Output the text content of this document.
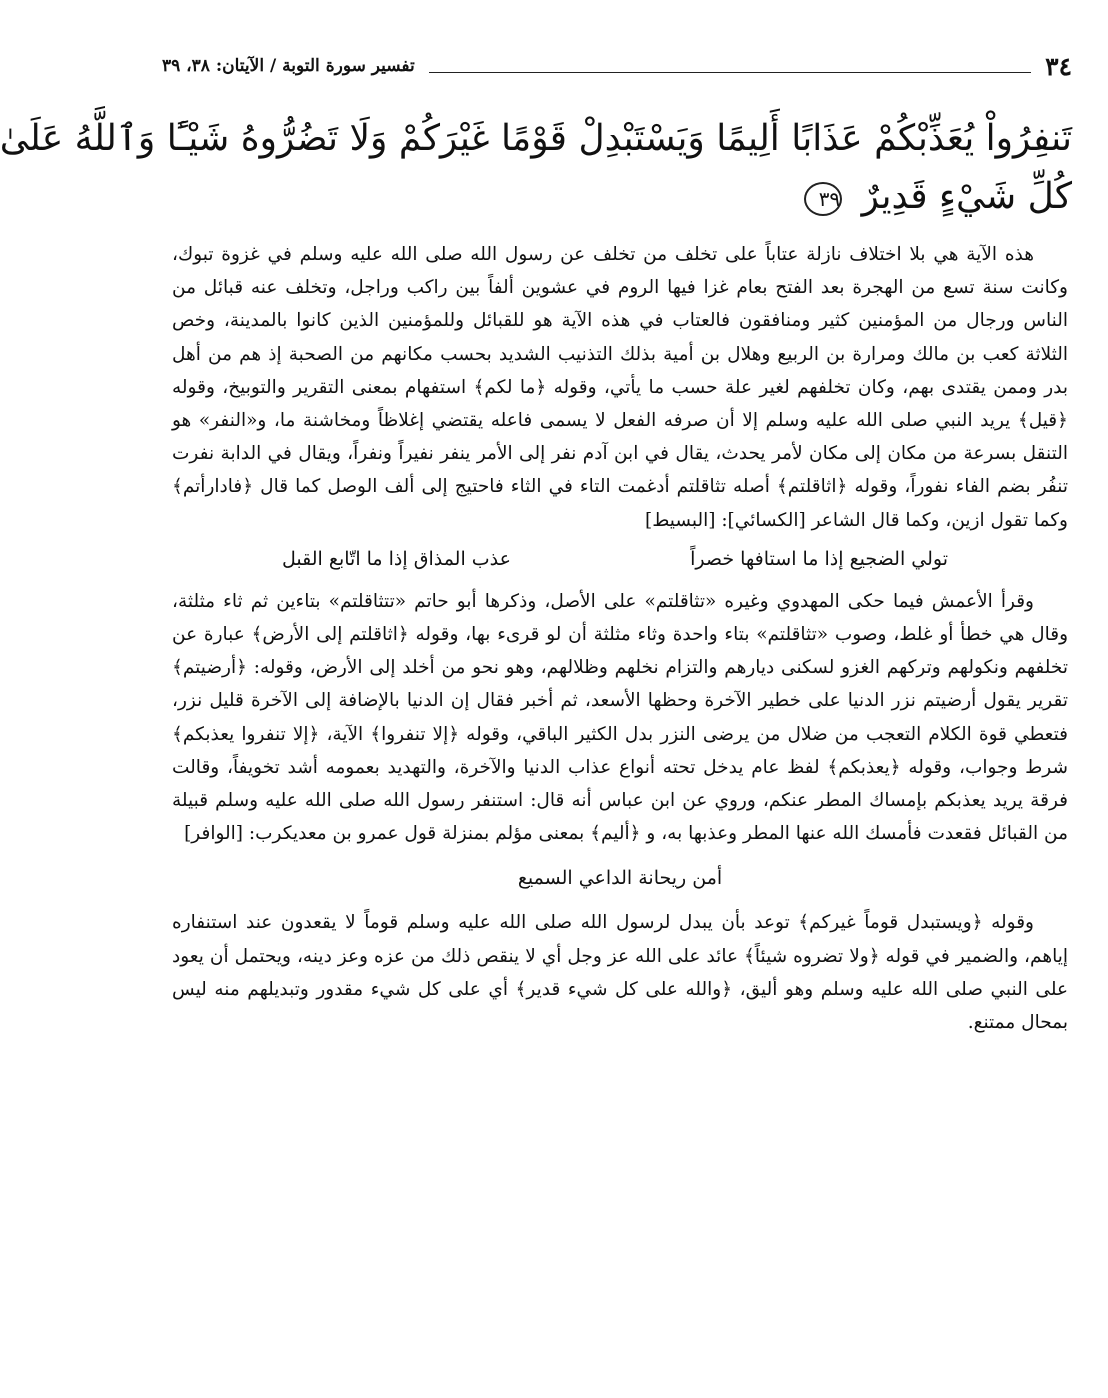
٣٤
تفسير سورة التوبة / الآيتان: ٣٨، ٣٩
تَنفِرُواْ يُعَذِّبْكُمْ عَذَابًا أَلِيمًا وَيَسْتَبْدِلْ قَوْمًا غَيْرَكُمْ وَلَا تَضُرُّوهُ شَيْـًٔا وَٱللَّهُ عَلَىٰ
كُلِّ شَيْءٍ قَدِيرٌ ٣٩

هذه الآية هي بلا اختلاف نازلة عتاباً على تخلف من تخلف عن رسول الله صلى الله عليه وسلم في غزوة تبوك، وكانت سنة تسع من الهجرة بعد الفتح بعام غزا فيها الروم في عشوين ألفاً بين راكب وراجل، وتخلف عنه قبائل من الناس ورجال من المؤمنين كثير ومنافقون فالعتاب في هذه الآية هو للقبائل وللمؤمنين الذين كانوا بالمدينة، وخص الثلاثة كعب بن مالك ومرارة بن الربيع وهلال بن أمية بذلك التذنيب الشديد بحسب مكانهم من الصحبة إذ هم من أهل بدر وممن يقتدى بهم، وكان تخلفهم لغير علة حسب ما يأتي، وقوله ﴿ما لكم﴾ استفهام بمعنى التقرير والتوبيخ، وقوله ﴿قيل﴾ يريد النبي صلى الله عليه وسلم إلا أن صرفه الفعل لا يسمى فاعله يقتضي إغلاظاً ومخاشنة ما، و«النفر» هو التنقل بسرعة من مكان إلى مكان لأمر يحدث، يقال في ابن آدم نفر إلى الأمر ينفر نفيراً ونفراً، ويقال في الدابة نفرت تنفُر بضم الفاء نفوراً، وقوله ﴿اثاقلتم﴾ أصله تثاقلتم أدغمت التاء في الثاء فاحتيج إلى ألف الوصل كما قال ﴿فادارأتم﴾ وكما تقول ازين، وكما قال الشاعر [الكسائي]: [البسيط]

تولي الضجيع إذا ما استافها خصراً
عذب المذاق إذا ما اتّابع القبل

وقرأ الأعمش فيما حكى المهدوي وغيره «تثاقلتم» على الأصل، وذكرها أبو حاتم «تتثاقلتم» بتاءين ثم ثاء مثلثة، وقال هي خطأ أو غلط، وصوب «تثاقلتم» بتاء واحدة وثاء مثلثة أن لو قرىء بها، وقوله ﴿اثاقلتم إلى الأرض﴾ عبارة عن تخلفهم ونكولهم وتركهم الغزو لسكنى ديارهم والتزام نخلهم وظلالهم، وهو نحو من أخلد إلى الأرض، وقوله: ﴿أرضيتم﴾ تقرير يقول أرضيتم نزر الدنيا على خطير الآخرة وحظها الأسعد، ثم أخبر فقال إن الدنيا بالإضافة إلى الآخرة قليل نزر، فتعطي قوة الكلام التعجب من ضلال من يرضى النزر بدل الكثير الباقي، وقوله ﴿إلا تنفروا﴾ الآية، ﴿إلا تنفروا يعذبكم﴾ شرط وجواب، وقوله ﴿يعذبكم﴾ لفظ عام يدخل تحته أنواع عذاب الدنيا والآخرة، والتهديد بعمومه أشد تخويفاً، وقالت فرقة يريد يعذبكم بإمساك المطر عنكم، وروي عن ابن عباس أنه قال: استنفر رسول الله صلى الله عليه وسلم قبيلة من القبائل فقعدت فأمسك الله عنها المطر وعذبها به، و ﴿أليم﴾ بمعنى مؤلم بمنزلة قول عمرو بن معديكرب: [الوافر]

أمن ريحانة الداعي السميع

وقوله ﴿ويستبدل قوماً غيركم﴾ توعد بأن يبدل لرسول الله صلى الله عليه وسلم قوماً لا يقعدون عند استنفاره إياهم، والضمير في قوله ﴿ولا تضروه شيئاً﴾ عائد على الله عز وجل أي لا ينقص ذلك من عزه وعز دينه، ويحتمل أن يعود على النبي صلى الله عليه وسلم وهو أليق، ﴿والله على كل شيء قدير﴾ أي على كل شيء مقدور وتبديلهم منه ليس بمحال ممتنع.
